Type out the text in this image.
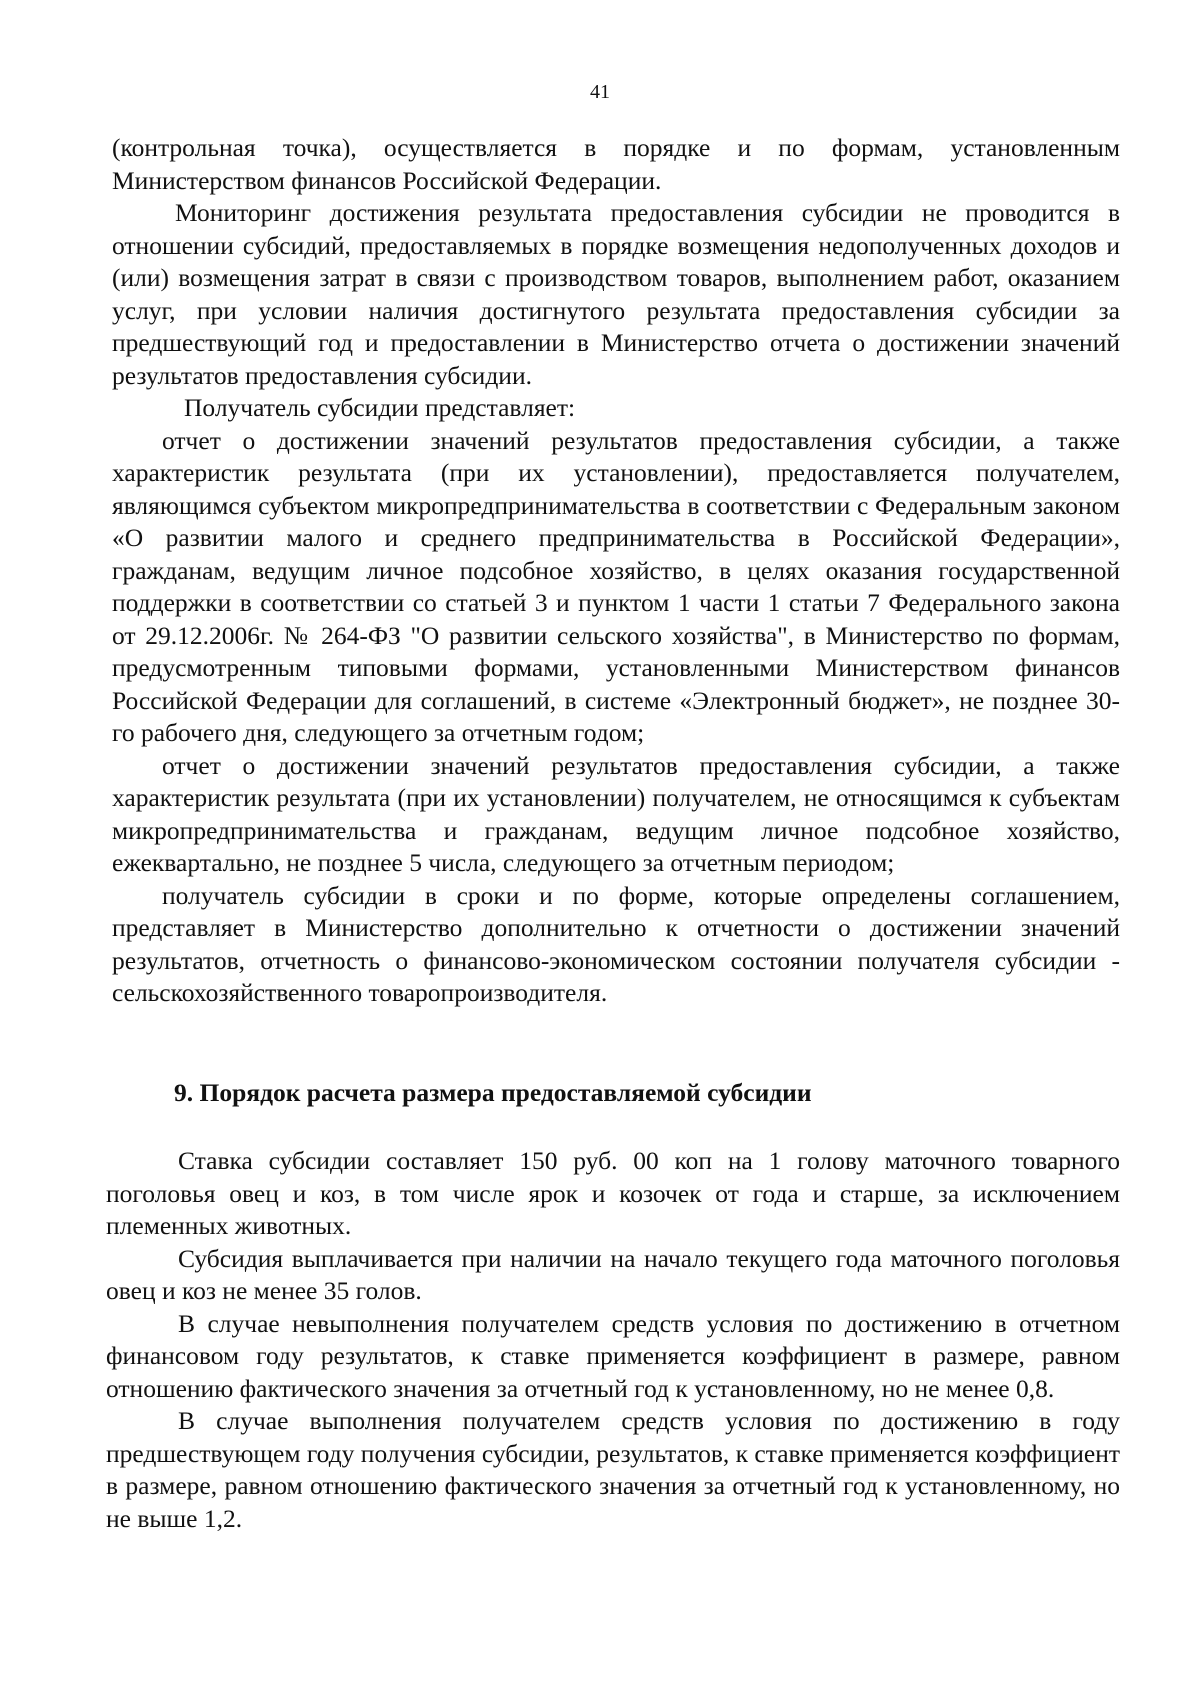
41

(контрольная точка), осуществляется в порядке и по формам, установленным Министерством финансов Российской Федерации.

Мониторинг достижения результата предоставления субсидии не проводится в отношении субсидий, предоставляемых в порядке возмещения недополученных доходов и (или) возмещения затрат в связи с производством товаров, выполнением работ, оказанием услуг, при условии наличия достигнутого результата предоставления субсидии за предшествующий год и предоставлении в Министерство отчета о достижении значений результатов предоставления субсидии.

Получатель субсидии представляет:

отчет о достижении значений результатов предоставления субсидии, а также характеристик результата (при их установлении), предоставляется получателем, являющимся субъектом микропредпринимательства в соответствии с Федеральным законом «О развитии малого и среднего предпринимательства в Российской Федерации», гражданам, ведущим личное подсобное хозяйство, в целях оказания государственной поддержки в соответствии со статьей 3 и пунктом 1 части 1 статьи 7 Федерального закона от 29.12.2006г. № 264-ФЗ "О развитии сельского хозяйства", в Министерство по формам, предусмотренным типовыми формами, установленными Министерством финансов Российской Федерации для соглашений, в системе «Электронный бюджет», не позднее 30-го рабочего дня, следующего за отчетным годом;

отчет о достижении значений результатов предоставления субсидии, а также характеристик результата (при их установлении) получателем, не относящимся к субъектам микропредпринимательства и гражданам, ведущим личное подсобное хозяйство, ежеквартально, не позднее 5 числа, следующего за отчетным периодом;

получатель субсидии в сроки и по форме, которые определены соглашением, представляет в Министерство дополнительно к отчетности о достижении значений результатов, отчетность о финансово-экономическом состоянии получателя субсидии - сельскохозяйственного товаропроизводителя.

9. Порядок расчета размера предоставляемой субсидии

Ставка субсидии составляет 150 руб. 00 коп на 1 голову маточного товарного поголовья овец и коз, в том числе ярок и козочек от года и старше, за исключением племенных животных.

Субсидия выплачивается при наличии на начало текущего года маточного поголовья овец и коз не менее 35 голов.

В случае невыполнения получателем средств условия по достижению в отчетном финансовом году результатов, к ставке применяется коэффициент в размере, равном отношению фактического значения за отчетный год к установленному, но не менее 0,8.

В случае выполнения получателем средств условия по достижению в году предшествующем году получения субсидии, результатов, к ставке применяется коэффициент в размере, равном отношению фактического значения за отчетный год к установленному, но не выше 1,2.
